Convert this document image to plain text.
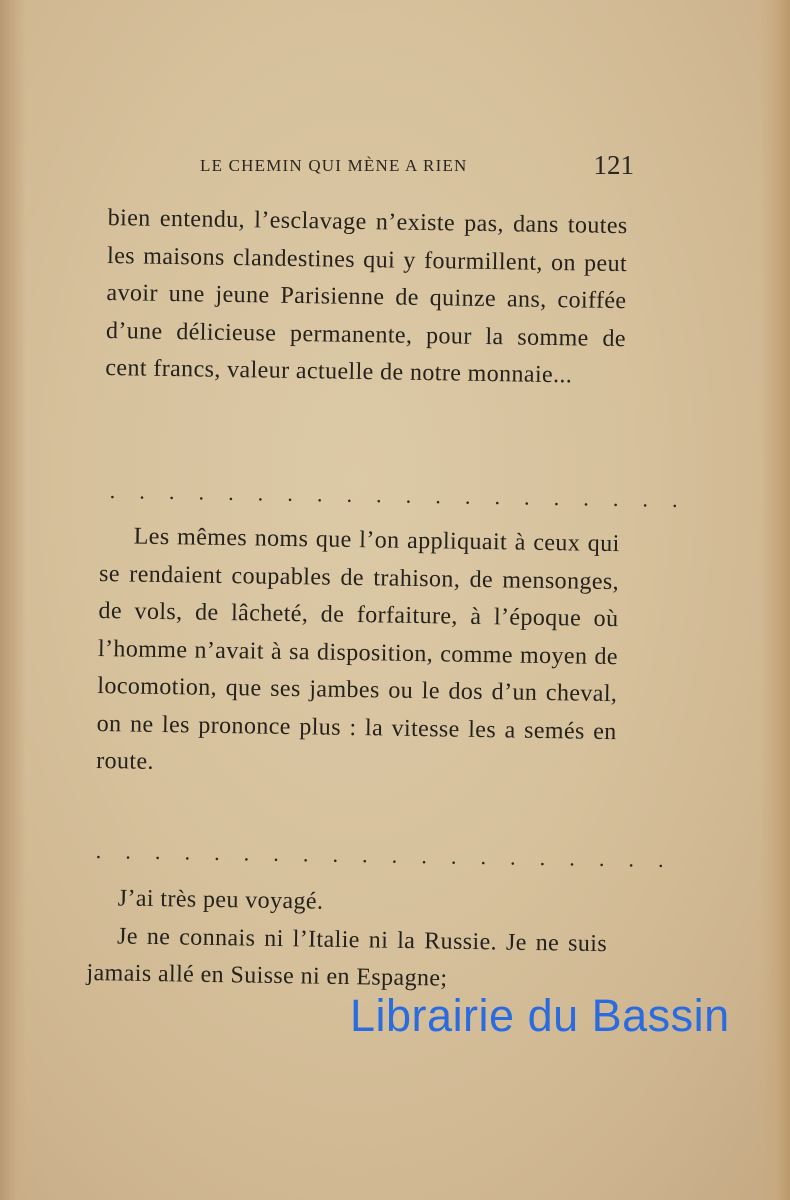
LE CHEMIN QUI MÈNE A RIEN	121

bien entendu, l’esclavage n’existe pas, dans toutes les maisons clandestines qui y fourmillent, on peut avoir une jeune Parisienne de quinze ans, coiffée d’une délicieuse permanente, pour la somme de cent francs, valeur actuelle de notre monnaie...

. . . . . . . . . . . . . . . . . . . .

Les mêmes noms que l’on appliquait à ceux qui se rendaient coupables de trahison, de mensonges, de vols, de lâcheté, de forfaiture, à l’époque où l’homme n’avait à sa disposition, comme moyen de locomotion, que ses jambes ou le dos d’un cheval, on ne les prononce plus : la vitesse les a semés en route.

. . . . . . . . . . . . . . . . . . . .

J’ai très peu voyagé.

Je ne connais ni l’Italie ni la Russie. Je ne suis jamais allé en Suisse ni en Espagne;

Librairie du Bassin
